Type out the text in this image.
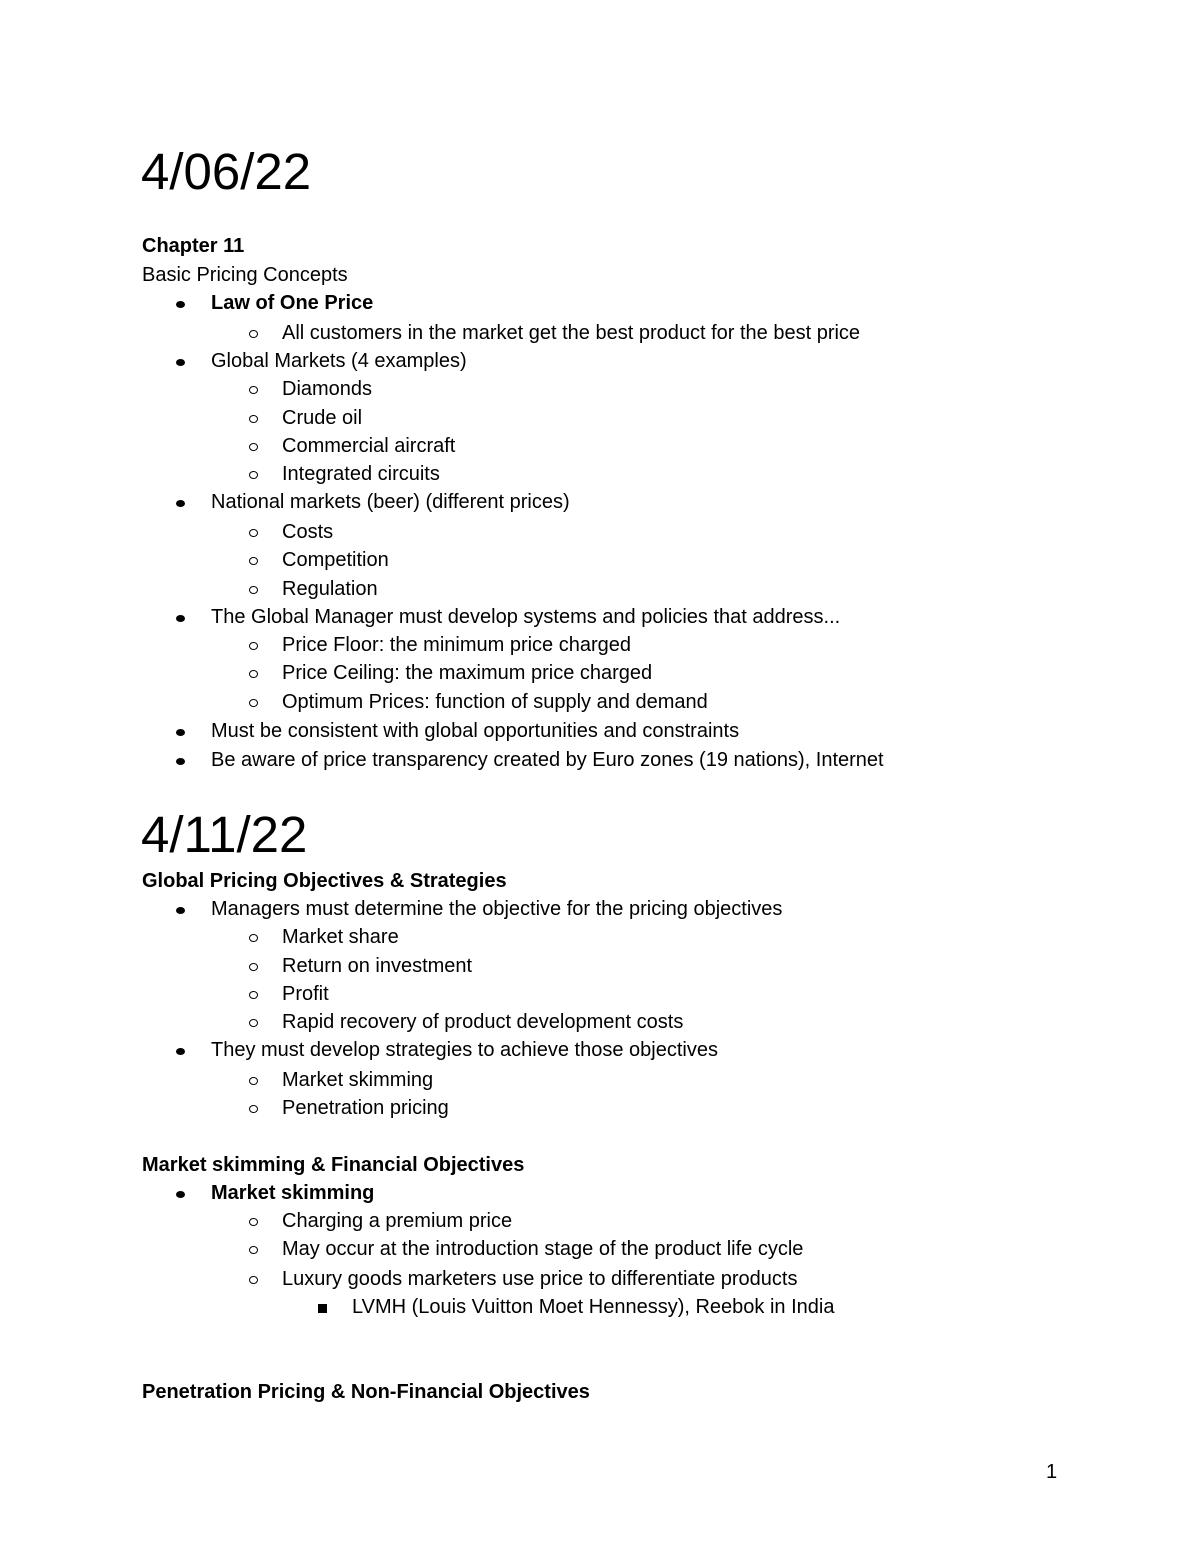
4/06/22
Chapter 11
Basic Pricing Concepts
Law of One Price
All customers in the market get the best product for the best price
Global Markets (4 examples)
Diamonds
Crude oil
Commercial aircraft
Integrated circuits
National markets (beer) (different prices)
Costs
Competition
Regulation
The Global Manager must develop systems and policies that address...
Price Floor: the minimum price charged
Price Ceiling: the maximum price charged
Optimum Prices: function of supply and demand
Must be consistent with global opportunities and constraints
Be aware of price transparency created by Euro zones (19 nations), Internet
4/11/22
Global Pricing Objectives & Strategies
Managers must determine the objective for the pricing objectives
Market share
Return on investment
Profit
Rapid recovery of product development costs
They must develop strategies to achieve those objectives
Market skimming
Penetration pricing
Market skimming & Financial Objectives
Market skimming
Charging a premium price
May occur at the introduction stage of the product life cycle
Luxury goods marketers use price to differentiate products
LVMH (Louis Vuitton Moet Hennessy), Reebok in India
Penetration Pricing & Non-Financial Objectives
1
